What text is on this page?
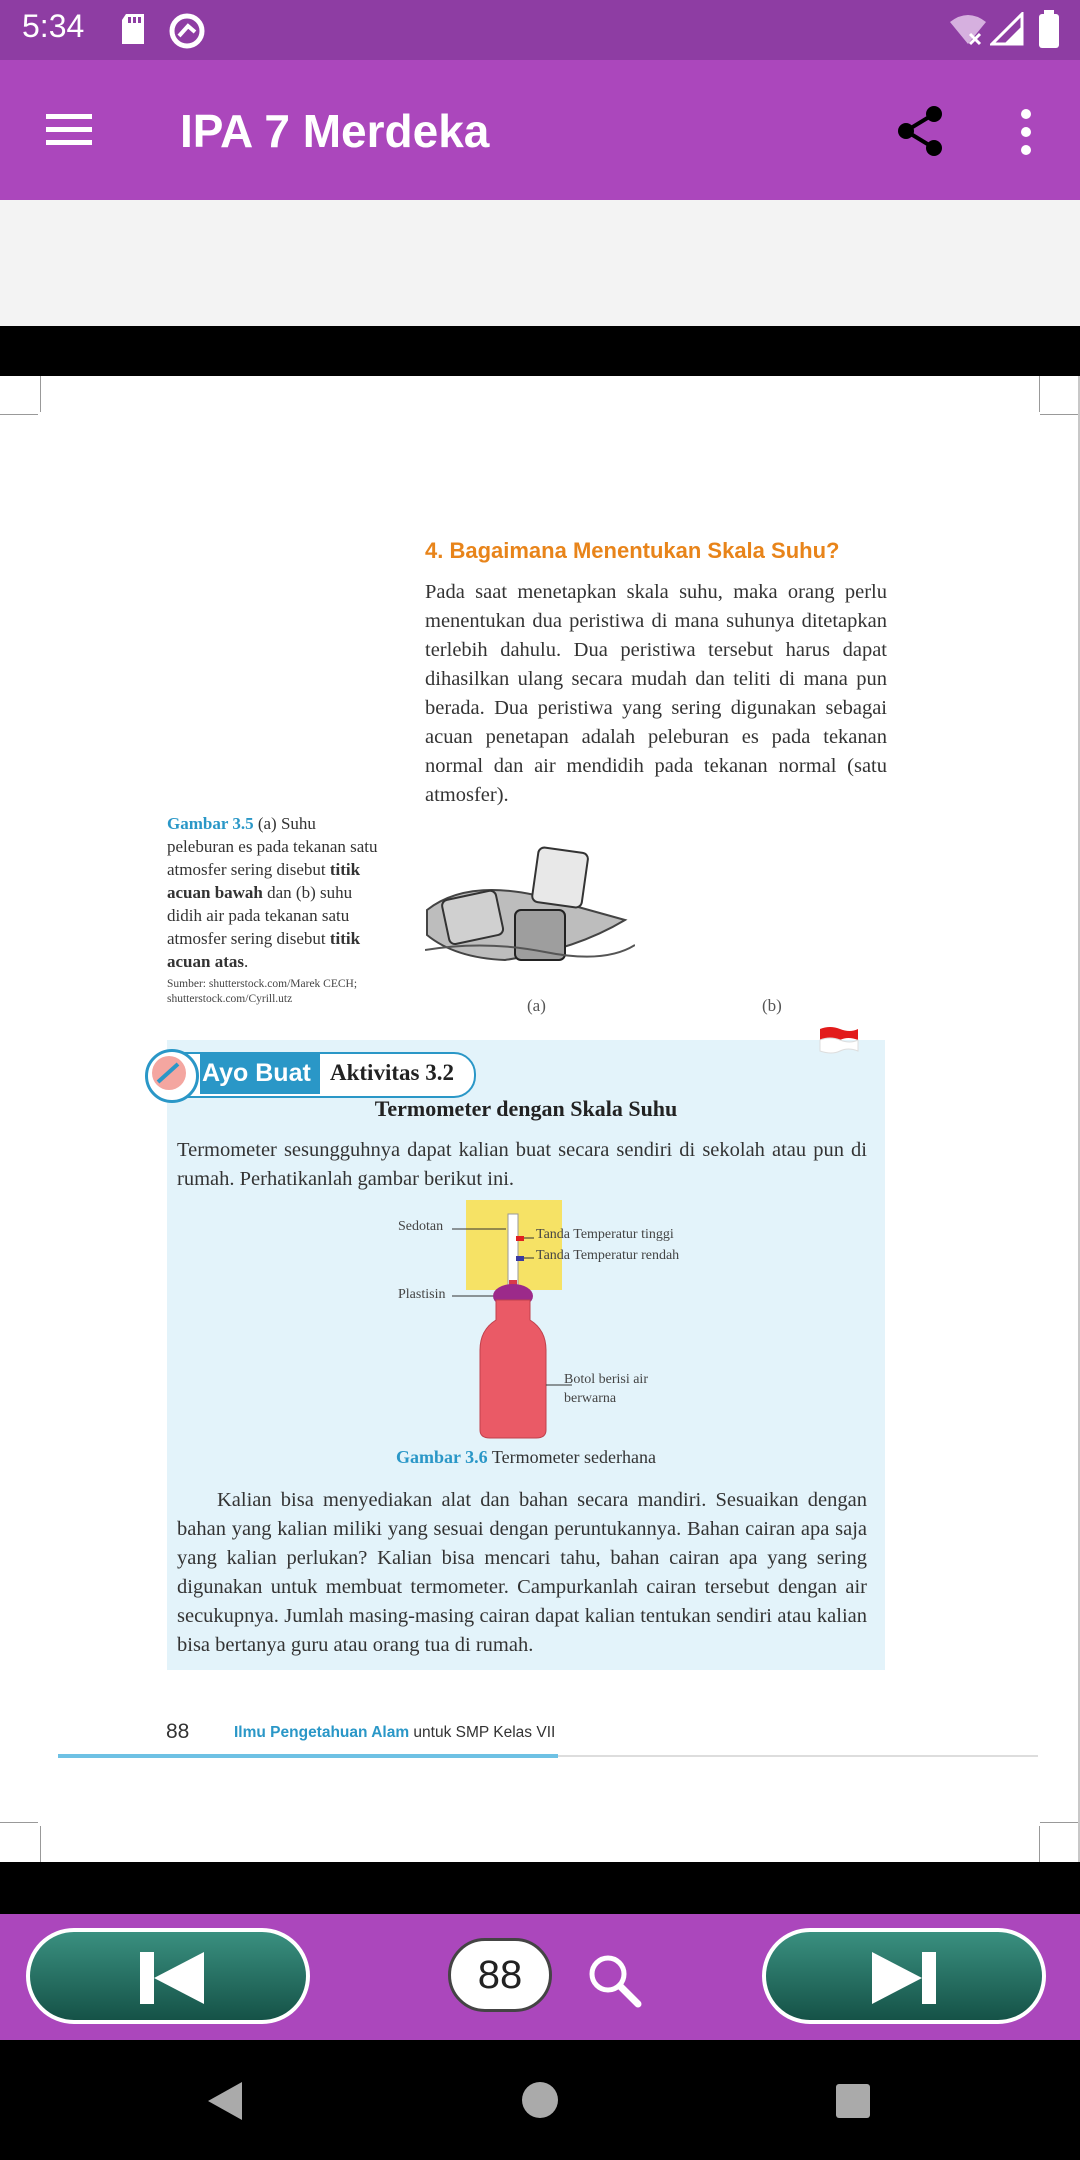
5:34
IPA 7 Merdeka
4. Bagaimana Menentukan Skala Suhu?
Pada saat menetapkan skala suhu, maka orang perlu menentukan dua peristiwa di mana suhunya ditetapkan terlebih dahulu. Dua peristiwa tersebut harus dapat dihasilkan ulang secara mudah dan teliti di mana pun berada. Dua peristiwa yang sering digunakan sebagai acuan penetapan adalah peleburan es pada tekanan normal dan air mendidih pada tekanan normal (satu atmosfer).
Gambar 3.5 (a) Suhu peleburan es pada tekanan satu atmosfer sering disebut titik acuan bawah dan (b) suhu didih air pada tekanan satu atmosfer sering disebut titik acuan atas.
Sumber: shutterstock.com/Marek CECH; shutterstock.com/Cyrill.utz	(a)	(b)
Ayo Buat Aktivitas 3.2
Termometer dengan Skala Suhu
Termometer sesungguhnya dapat kalian buat secara sendiri di sekolah atau pun di rumah. Perhatikanlah gambar berikut ini.
Sedotan
Tanda Temperatur tinggi
Tanda Temperatur rendah
Plastisin
Botol berisi air
berwarna
Gambar 3.6 Termometer sederhana
Kalian bisa menyediakan alat dan bahan secara mandiri. Sesuaikan dengan bahan yang kalian miliki yang sesuai dengan peruntukannya. Bahan cairan apa saja yang kalian perlukan? Kalian bisa mencari tahu, bahan cairan apa yang sering digunakan untuk membuat termometer. Campurkanlah cairan tersebut dengan air secukupnya. Jumlah masing-masing cairan dapat kalian tentukan sendiri atau kalian bisa bertanya guru atau orang tua di rumah.
88	Ilmu Pengetahuan Alam untuk SMP Kelas VII
88
